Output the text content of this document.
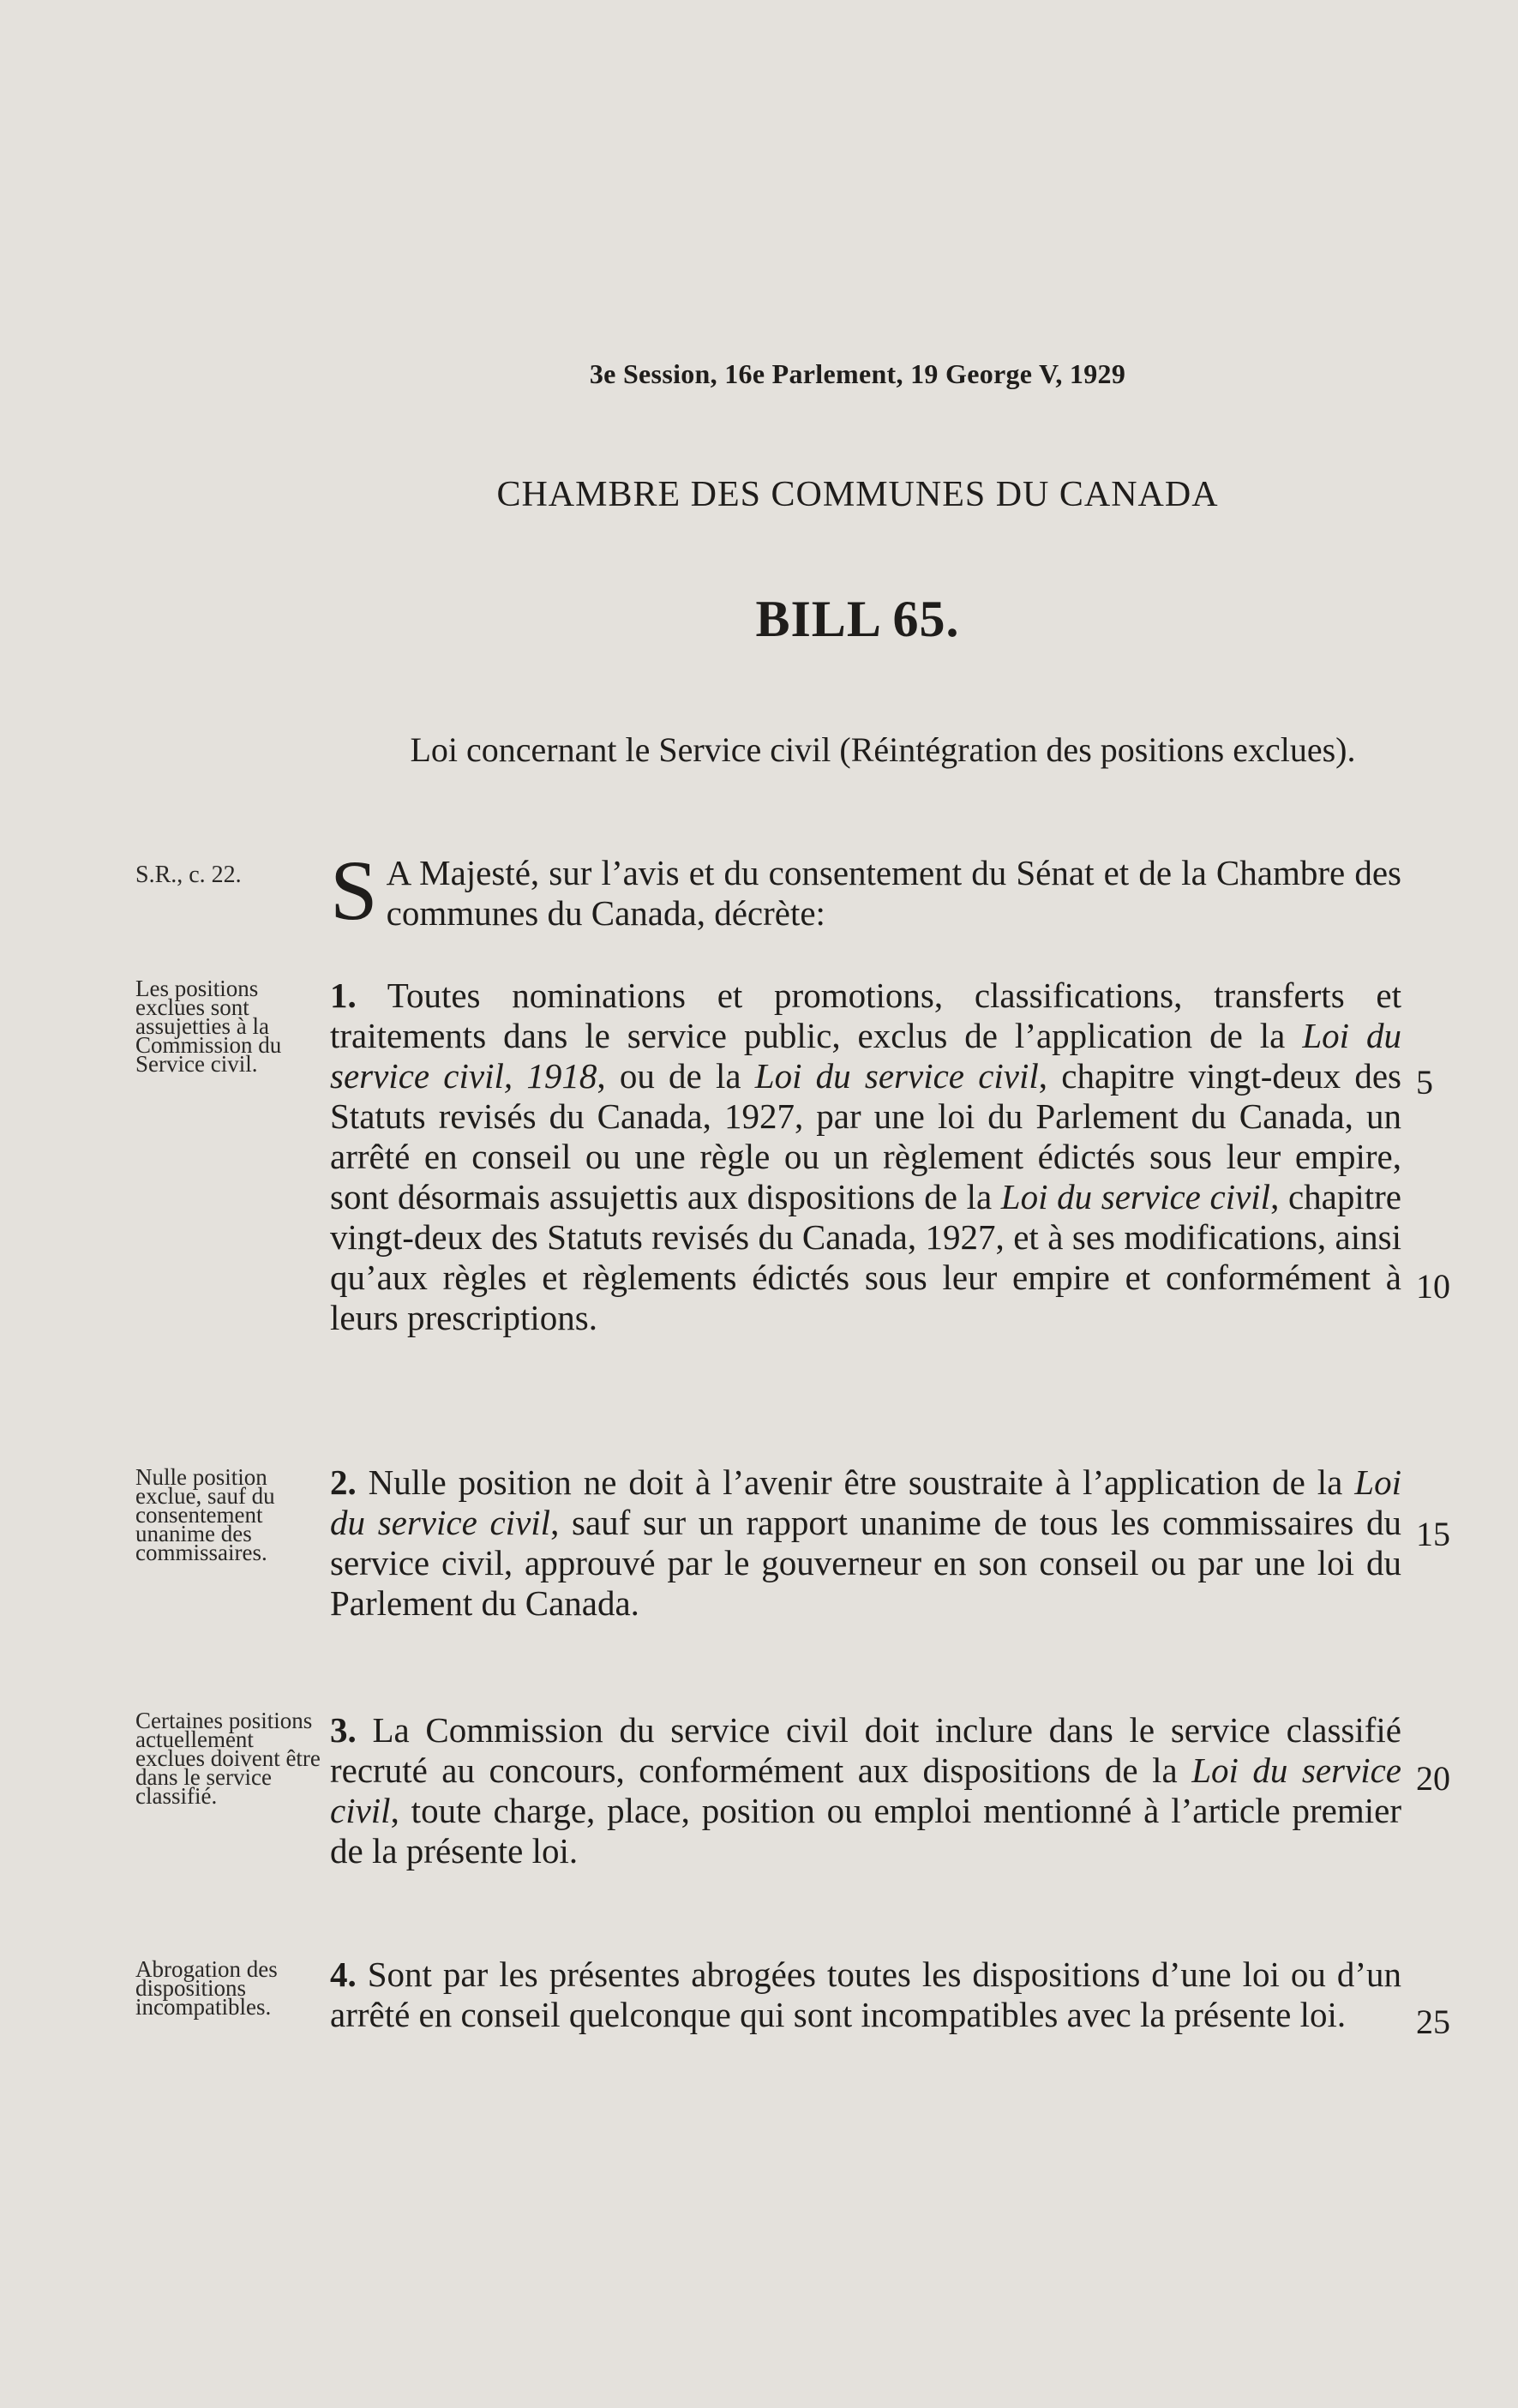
3e Session, 16e Parlement, 19 George V, 1929
CHAMBRE DES COMMUNES DU CANADA
BILL 65.
Loi concernant le Service civil (Réintégration des positions exclues).
S.R., c. 22.	S A Majesté, sur l’avis et du consentement du Sénat et de la Chambre des communes du Canada, décrète:

Les positions exclues sont assujetties à la Commission du Service civil.

1. Toutes nominations et promotions, classifications, transferts et traitements dans le service public, exclus de l’application de la Loi du service civil, 1918, ou de la Loi du service civil, chapitre vingt-deux des Statuts revisés du Canada, 1927, par une loi du Parlement du Canada, un arrêté en conseil ou une règle ou un règlement édictés sous leur empire, sont désormais assujettis aux dispositions de la Loi du service civil, chapitre vingt-deux des Statuts revisés du Canada, 1927, et à ses modifications, ainsi qu’aux règles et règlements édictés sous leur empire et conformément à leurs prescriptions.

Nulle position exclue, sauf du consentement unanime des commissaires.

2. Nulle position ne doit à l’avenir être soustraite à l’application de la Loi du service civil, sauf sur un rapport unanime de tous les commissaires du service civil, approuvé par le gouverneur en son conseil ou par une loi du Parlement du Canada.

Certaines positions actuellement exclues doivent être dans le service classifié.

3. La Commission du service civil doit inclure dans le service classifié recruté au concours, conformément aux dispositions de la Loi du service civil, toute charge, place, position ou emploi mentionné à l’article premier de la présente loi.

Abrogation des dispositions incompatibles.

4. Sont par les présentes abrogées toutes les dispositions d’une loi ou d’un arrêté en conseil quelconque qui sont incompatibles avec la présente loi.

5
10
15
20
25
